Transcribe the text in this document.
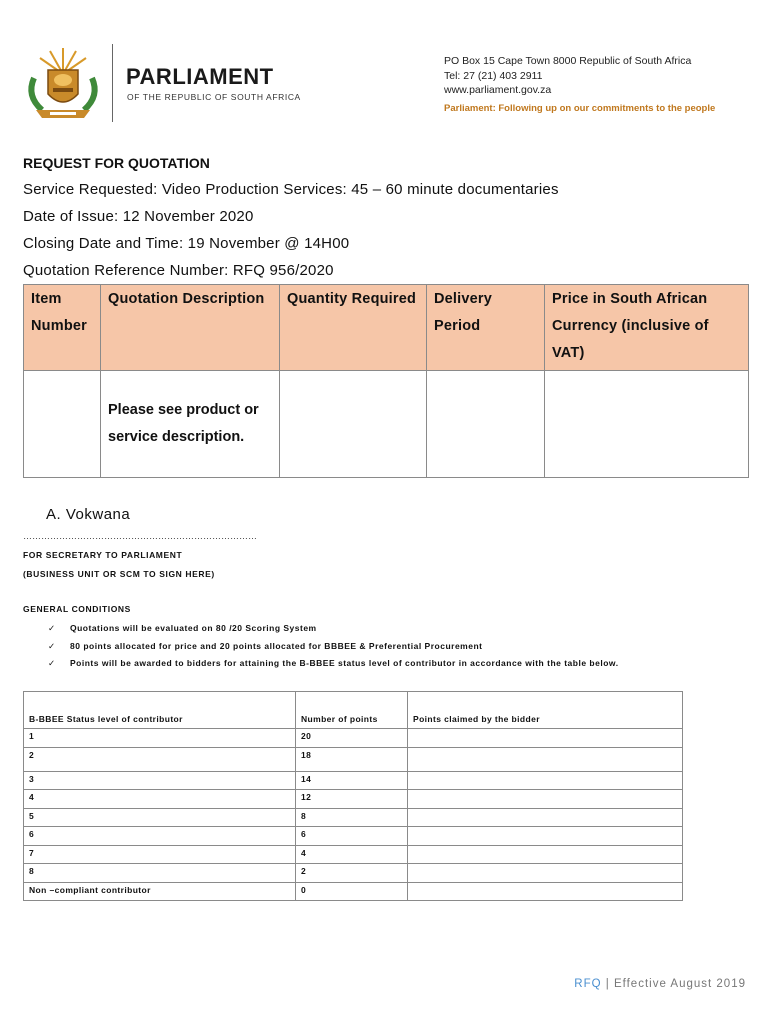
PARLIAMENT
OF THE REPUBLIC OF SOUTH AFRICA
PO Box 15 Cape Town 8000 Republic of South Africa
Tel: 27 (21) 403 2911
www.parliament.gov.za
Parliament: Following up on our commitments to the people
REQUEST FOR QUOTATION
Service Requested: Video Production Services: 45 – 60 minute documentaries
Date of Issue: 12 November 2020
Closing Date and Time: 19 November @ 14H00
Quotation Reference Number: RFQ 956/2020
Item Number	Quotation Description	Quantity Required	Delivery Period	Price in South African Currency (inclusive of VAT)
	Please see product or service description.			
A. Vokwana
……………………………………………………………………
FOR SECRETARY TO PARLIAMENT
(BUSINESS UNIT OR SCM TO SIGN HERE)
GENERAL CONDITIONS
✓ Quotations will be evaluated on 80 /20 Scoring System
✓ 80 points allocated for price and 20 points allocated for BBBEE & Preferential Procurement
✓ Points will be awarded to bidders for attaining the B-BBEE status level of contributor in accordance with the table below.
B-BBEE Status level of contributor	Number of points	Points claimed by the bidder
1	20	
2	18	
3	14	
4	12	
5	8	
6	6	
7	4	
8	2	
Non –compliant contributor	0	
RFQ | Effective August 2019
